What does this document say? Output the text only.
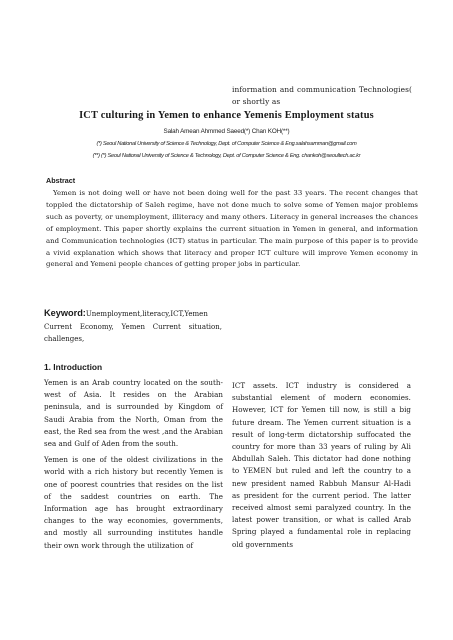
information and communication Technologies( or shortly as
ICT culturing in Yemen to enhance Yemenis Employment status
Salah Amean Ahmmed Saeed(*) Chan KOH(**)
(*) Seoul National University of Science & Technology, Dept. of Computer Science & Eng.salahsamman@gmail.com
(**) (*) Seoul National University of Science & Technology, Dept. of Computer Science & Eng. chankoh@seoultech.ac.kr
Abstract
Yemen is not doing well or have not been doing well for the past 33 years. The recent changes that toppled the dictatorship of Saleh regime, have not done much to solve some of Yemen major problems such as poverty, or unemployment, illiteracy and many others. Literacy in general increases the chances of employment. This paper shortly explains the current situation in Yemen in general, and information and Communication technologies (ICT) status in particular. The main purpose of this paper is to provide a vivid explanation which shows that literacy and proper ICT culture will improve Yemen economy in general and Yemeni people chances of getting proper jobs in particular.
Keyword:Unemployment,literacy,ICT,Yemen Current Economy, Yemen Current situation, challenges,
1. Introduction

Yemen is an Arab country located on the south-west of Asia. It resides on the Arabian peninsula, and is surrounded by Kingdom of Saudi Arabia from the North, Oman from the east, the Red sea from the west ,and the Arabian sea and Gulf of Aden from the south.

Yemen is one of the oldest civilizations in the world with a rich history but recently Yemen is one of poorest countries that resides on the list of the saddest countries on earth. The Information age has brought extraordinary changes to the way economies, governments, and mostly all surrounding institutes handle their own work through the utilization of

ICT assets. ICT industry is considered a substantial element of modern economies. However, ICT for Yemen till now, is still a big future dream. The Yemen current situation is a result of long-term dictatorship suffocated the country for more than 33 years of ruling by Ali Abdullah Saleh. This dictator had done nothing to YEMEN but ruled and left the country to a new president named Rabbuh Mansur Al-Hadi as president for the current period. The latter received almost semi paralyzed country. In the latest power transition, or what is called Arab Spring played a fundamental role in replacing old governments
